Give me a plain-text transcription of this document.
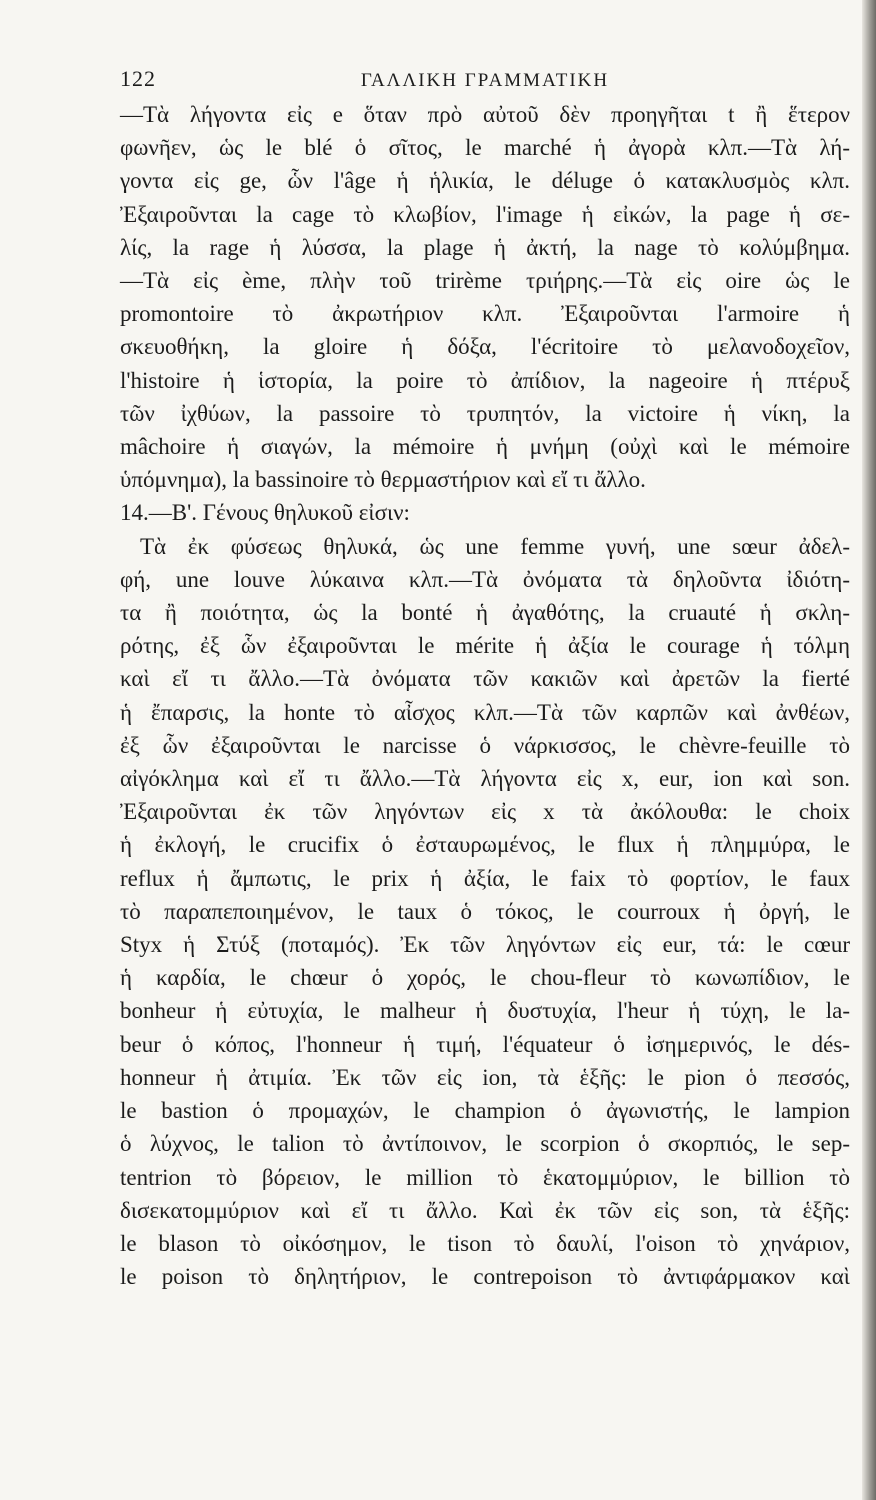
122	ΓΑΛΛΙΚΗ ΓΡΑΜΜΑΤΙΚΗ
—Τὰ λήγοντα εἰς e ὅταν πρὸ αὐτοῦ δὲν προηγῆται t ἢ ἕτερον
φωνῆεν, ὡς le blé ὁ σῖτος, le marché ἡ ἀγορὰ κλπ.—Τὰ λή-
γοντα εἰς ge, ὧν l'âge ἡ ἡλικία, le déluge ὁ κατακλυσμὸς κλπ.
Ἐξαιροῦνται la cage τὸ κλωβίον, l'image ἡ εἰκών, la page ἡ σε-
λίς, la rage ἡ λύσσα, la plage ἡ ἀκτή, la nage τὸ κολύμβημα.
—Τὰ εἰς ème, πλὴν τοῦ trirème τριήρης.—Τὰ εἰς oire ὡς le
promontoire τὸ ἀκρωτήριον κλπ. Ἐξαιροῦνται l'armoire ἡ
σκευοθήκη, la gloire ἡ δόξα, l'écritoire τὸ μελανοδοχεῖον,
l'histoire ἡ ἱστορία, la poire τὸ ἀπίδιον, la nageoire ἡ πτέρυξ
τῶν ἰχθύων, la passoire τὸ τρυπητόν, la victoire ἡ νίκη, la
mâchoire ἡ σιαγών, la mémoire ἡ μνήμη (οὐχὶ καὶ le mémoire
ὑπόμνημα), la bassinoire τὸ θερμαστήριον καὶ εἴ τι ἄλλο.
14.—Β'. Γένους θηλυκοῦ εἰσιν:
Τὰ ἐκ φύσεως θηλυκά, ὡς une femme γυνή, une sœur ἀδελ-
φή, une louve λύκαινα κλπ.—Τὰ ὀνόματα τὰ δηλοῦντα ἰδιότη-
τα ἢ ποιότητα, ὡς la bonté ἡ ἀγαθότης, la cruauté ἡ σκλη-
ρότης, ἐξ ὧν ἐξαιροῦνται le mérite ἡ ἀξία le courage ἡ τόλμη
καὶ εἴ τι ἄλλο.—Τὰ ὀνόματα τῶν κακιῶν καὶ ἀρετῶν la fierté
ἡ ἔπαρσις, la honte τὸ αἶσχος κλπ.—Τὰ τῶν καρπῶν καὶ ἀνθέων,
ἐξ ὧν ἐξαιροῦνται le narcisse ὁ νάρκισσος, le chèvre-feuille τὸ
αἰγόκλημα καὶ εἴ τι ἄλλο.—Τὰ λήγοντα εἰς x, eur, ion καὶ son.
Ἐξαιροῦνται ἐκ τῶν ληγόντων εἰς x τὰ ἀκόλουθα: le choix
ἡ ἐκλογή, le crucifix ὁ ἐσταυρωμένος, le flux ἡ πλημμύρα, le
reflux ἡ ἄμπωτις, le prix ἡ ἀξία, le faix τὸ φορτίον, le faux
τὸ παραπεποιημένον, le taux ὁ τόκος, le courroux ἡ ὀργή, le
Styx ἡ Στύξ (ποταμός). Ἐκ τῶν ληγόντων εἰς eur, τά: le cœur
ἡ καρδία, le chœur ὁ χορός, le chou-fleur τὸ κωνωπίδιον, le
bonheur ἡ εὐτυχία, le malheur ἡ δυστυχία, l'heur ἡ τύχη, le la-
beur ὁ κόπος, l'honneur ἡ τιμή, l'équateur ὁ ἰσημερινός, le dés-
honneur ἡ ἀτιμία. Ἐκ τῶν εἰς ion, τὰ ἑξῆς: le pion ὁ πεσσός,
le bastion ὁ προμαχών, le champion ὁ ἀγωνιστής, le lampion
ὁ λύχνος, le talion τὸ ἀντίποινον, le scorpion ὁ σκορπιός, le sep-
tentrion τὸ βόρειον, le million τὸ ἑκατομμύριον, le billion τὸ
δισεκατομμύριον καὶ εἴ τι ἄλλο. Καὶ ἐκ τῶν εἰς son, τὰ ἑξῆς:
le blason τὸ οἰκόσημον, le tison τὸ δαυλί, l'oison τὸ χηνάριον,
le poison τὸ δηλητήριον, le contrepoison τὸ ἀντιφάρμακον καὶ
